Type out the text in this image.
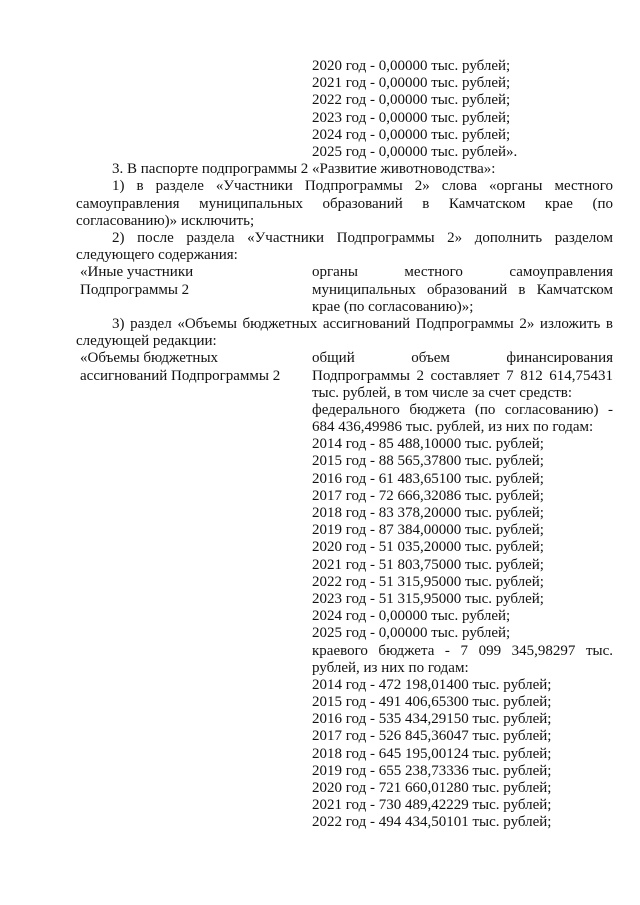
2020 год - 0,00000 тыс. рублей;
2021 год - 0,00000 тыс. рублей;
2022 год - 0,00000 тыс. рублей;
2023 год - 0,00000 тыс. рублей;
2024 год - 0,00000 тыс. рублей;
2025 год - 0,00000 тыс. рублей».
3. В паспорте подпрограммы 2 «Развитие животноводства»:
1) в разделе «Участники Подпрограммы 2» слова «органы местного самоуправления муниципальных образований в Камчатском крае (по согласованию)» исключить;
2) после раздела «Участники Подпрограммы 2» дополнить разделом следующего содержания:
«Иные участники
Подпрограммы 2
органы местного самоуправления
муниципальных образований в Камчатском
крае (по согласованию)»;
3) раздел «Объемы бюджетных ассигнований Подпрограммы 2» изложить в следующей редакции:
«Объемы бюджетных
ассигнований Подпрограммы 2
общий объем финансирования
Подпрограммы 2 составляет 7 812 614,75431
тыс. рублей, в том числе за счет средств:
федерального бюджета (по согласованию) -
684 436,49986 тыс. рублей, из них по годам:
2014 год - 85 488,10000 тыс. рублей;
2015 год - 88 565,37800 тыс. рублей;
2016 год - 61 483,65100 тыс. рублей;
2017 год - 72 666,32086 тыс. рублей;
2018 год - 83 378,20000 тыс. рублей;
2019 год - 87 384,00000 тыс. рублей;
2020 год - 51 035,20000 тыс. рублей;
2021 год - 51 803,75000 тыс. рублей;
2022 год - 51 315,95000 тыс. рублей;
2023 год - 51 315,95000 тыс. рублей;
2024 год - 0,00000 тыс. рублей;
2025 год - 0,00000 тыс. рублей;
краевого бюджета - 7 099 345,98297 тыс.
рублей, из них по годам:
2014 год - 472 198,01400 тыс. рублей;
2015 год - 491 406,65300 тыс. рублей;
2016 год - 535 434,29150 тыс. рублей;
2017 год - 526 845,36047 тыс. рублей;
2018 год - 645 195,00124 тыс. рублей;
2019 год - 655 238,73336 тыс. рублей;
2020 год - 721 660,01280 тыс. рублей;
2021 год - 730 489,42229 тыс. рублей;
2022 год - 494 434,50101 тыс. рублей;
